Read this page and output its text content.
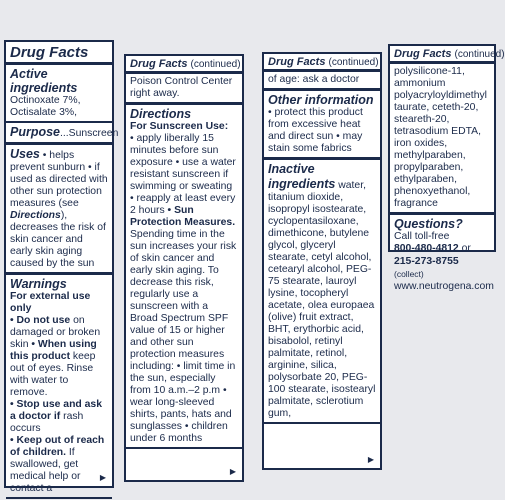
Drug Facts
Active ingredients
Octinoxate 7%, Octisalate 3%,
Purpose...Sunscreen
Uses • helps prevent sunburn • if used as directed with other sun protection measures (see Directions), decreases the risk of skin cancer and early skin aging caused by the sun
Warnings
For external use only
• Do not use on damaged or broken skin • When using this product keep out of eyes. Rinse with water to remove.
• Stop use and ask a doctor if rash occurs
• Keep out of reach of children. If swallowed, get medical help or contact a
▶
Drug Facts (continued)
Poison Control Center right away.
Directions
For Sunscreen Use:
• apply liberally 15 minutes before sun exposure • use a water resistant sunscreen if swimming or sweating • reapply at least every 2 hours • Sun Protection Measures. Spending time in the sun increases your risk of skin cancer and early skin aging. To decrease this risk, regularly use a sunscreen with a Broad Spectrum SPF value of 15 or higher and other sun protection measures including: • limit time in the sun, especially from 10 a.m.–2 p.m • wear long-sleeved shirts, pants, hats and sunglasses • children under 6 months
▶
Drug Facts (continued)
of age: ask a doctor
Other information
• protect this product from excessive heat and direct sun • may stain some fabrics
Inactive ingredients water, titanium dioxide, isopropyl isostearate, cyclopentasiloxane, dimethicone, butylene glycol, glyceryl stearate, cetyl alcohol, cetearyl alcohol, PEG-75 stearate, lauroyl lysine, tocopheryl acetate, olea europaea (olive) fruit extract, BHT, erythorbic acid, bisabolol, retinyl palmitate, retinol, arginine, silica, polysorbate 20, PEG-100 stearate, isostearyl palmitate, sclerotium gum,
▶
Drug Facts (continued)
polysilicone-11, ammonium polyacryloyldimethyl taurate, ceteth-20, steareth-20, tetrasodium EDTA, iron oxides, methylparaben, propylparaben, ethylparaben, phenoxyethanol, fragrance
Questions?
Call toll-free
800-480-4812 or
215-273-8755 (collect)
www.neutrogena.com
